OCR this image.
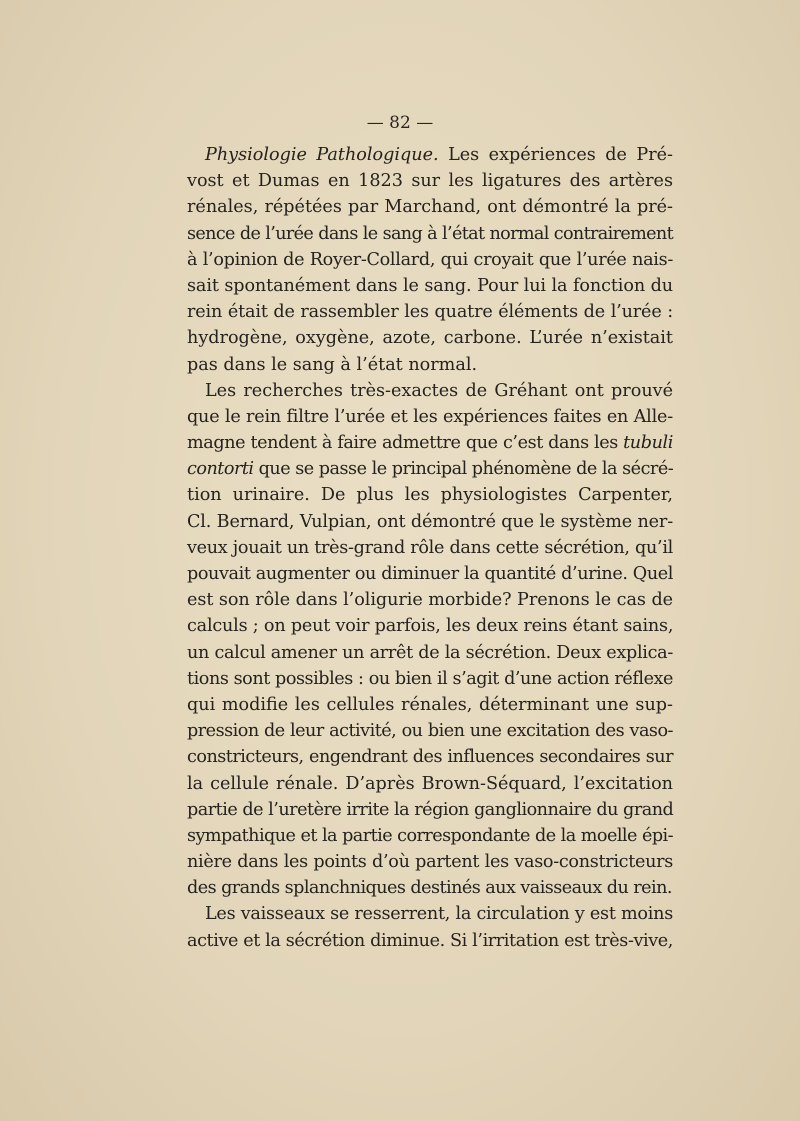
— 82 —
Physiologie Pathologique. Les expériences de Pré-
vost et Dumas en 1823 sur les ligatures des artères
rénales, répétées par Marchand, ont démontré la pré-
sence de l’urée dans le sang à l’état normal contrairement
à l’opinion de Royer-Collard, qui croyait que l’urée nais-
sait spontanément dans le sang. Pour lui la fonction du
rein était de rassembler les quatre éléments de l’urée :
hydrogène, oxygène, azote, carbone. L’urée n’existait
pas dans le sang à l’état normal.
Les recherches très-exactes de Gréhant ont prouvé
que le rein filtre l’urée et les expériences faites en Alle-
magne tendent à faire admettre que c’est dans les tubuli
contorti que se passe le principal phénomène de la sécré-
tion urinaire. De plus les physiologistes Carpenter,
Cl. Bernard, Vulpian, ont démontré que le système ner-
veux jouait un très-grand rôle dans cette sécrétion, qu’il
pouvait augmenter ou diminuer la quantité d’urine. Quel
est son rôle dans l’oligurie morbide? Prenons le cas de
calculs ; on peut voir parfois, les deux reins étant sains,
un calcul amener un arrêt de la sécrétion. Deux explica-
tions sont possibles : ou bien il s’agit d’une action réflexe
qui modifie les cellules rénales, déterminant une sup-
pression de leur activité, ou bien une excitation des vaso-
constricteurs, engendrant des influences secondaires sur
la cellule rénale. D’après Brown-Séquard, l’excitation
partie de l’uretère irrite la région ganglionnaire du grand
sympathique et la partie correspondante de la moelle épi-
nière dans les points d’où partent les vaso-constricteurs
des grands splanchniques destinés aux vaisseaux du rein.
Les vaisseaux se resserrent, la circulation y est moins
active et la sécrétion diminue. Si l’irritation est très-vive,
